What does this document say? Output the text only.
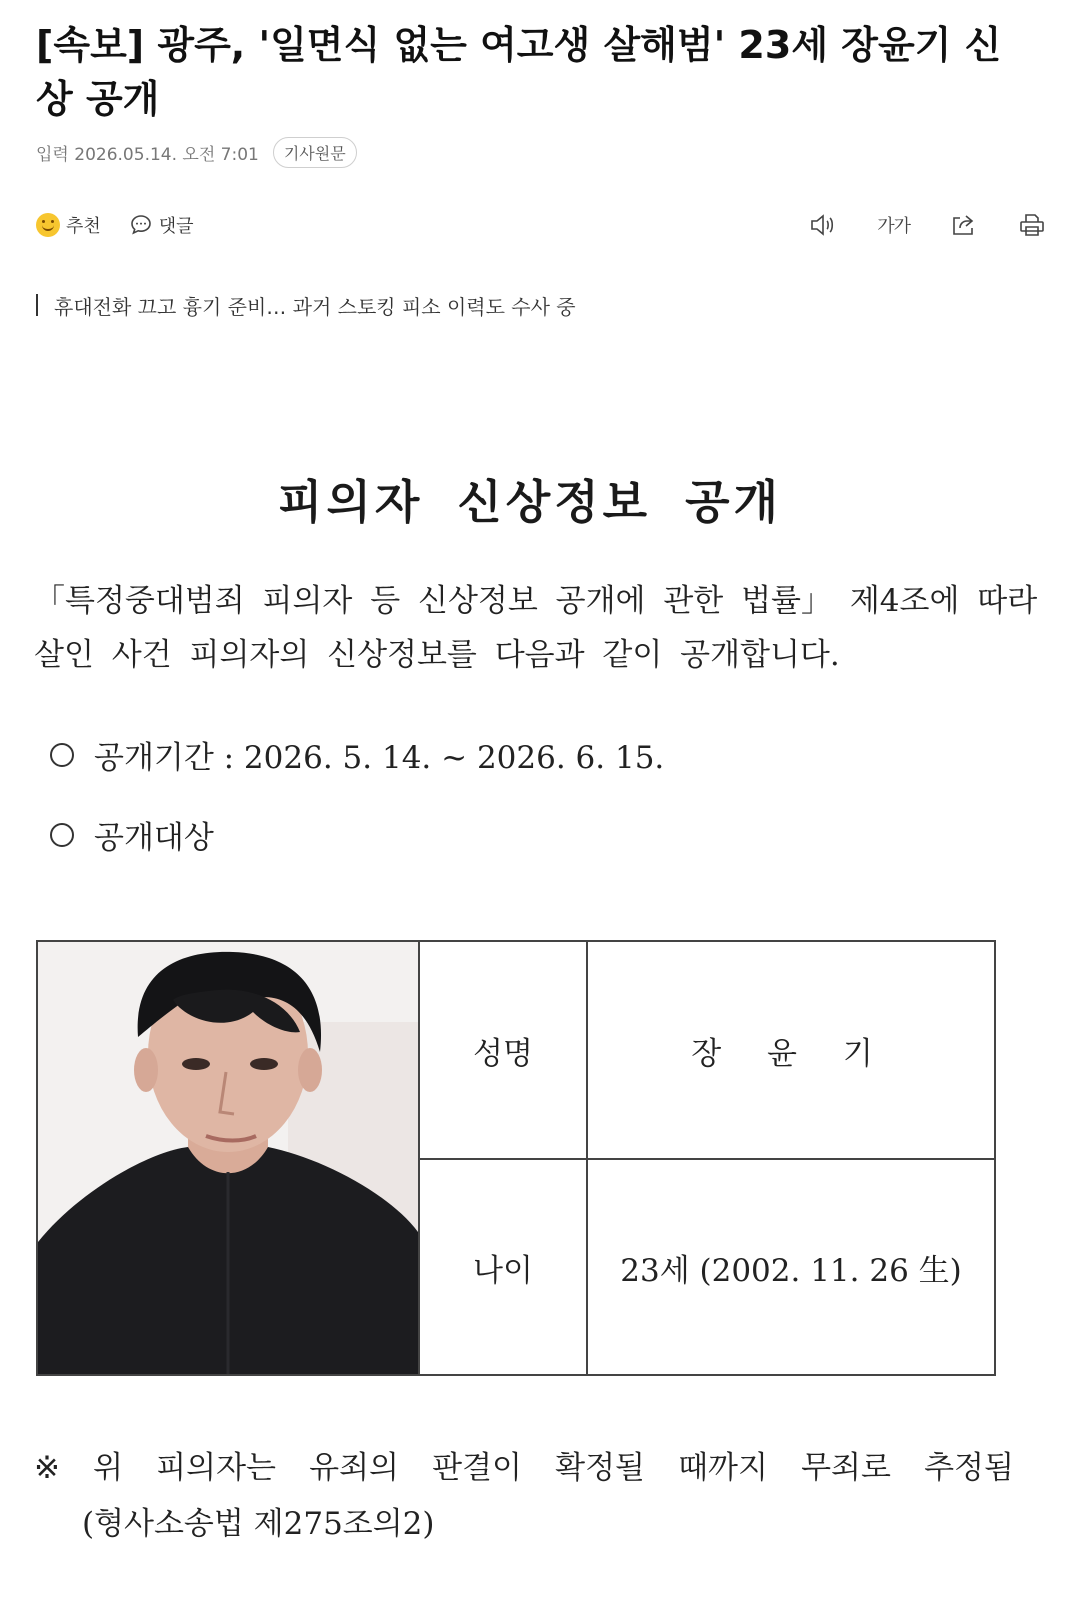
[속보] 광주, '일면식 없는 여고생 살해범' 23세 장윤기 신상 공개
입력 2026.05.14. 오전 7:01	기사원문
추천	댓글	가가
휴대전화 끄고 흉기 준비… 과거 스토킹 피소 이력도 수사 중
피의자 신상정보 공개

「특정중대범죄 피의자 등 신상정보 공개에 관한 법률」 제4조에 따라

살인 사건 피의자의 신상정보를 다음과 같이 공개합니다.

공개기간 : 2026. 5. 14. ~ 2026. 6. 15.
공개대상
성명	장 윤 기
나이	23세 (2002. 11. 26 生)
※ 위 피의자는 유죄의 판결이 확정될 때까지 무죄로 추정됨
(형사소송법 제275조의2)
